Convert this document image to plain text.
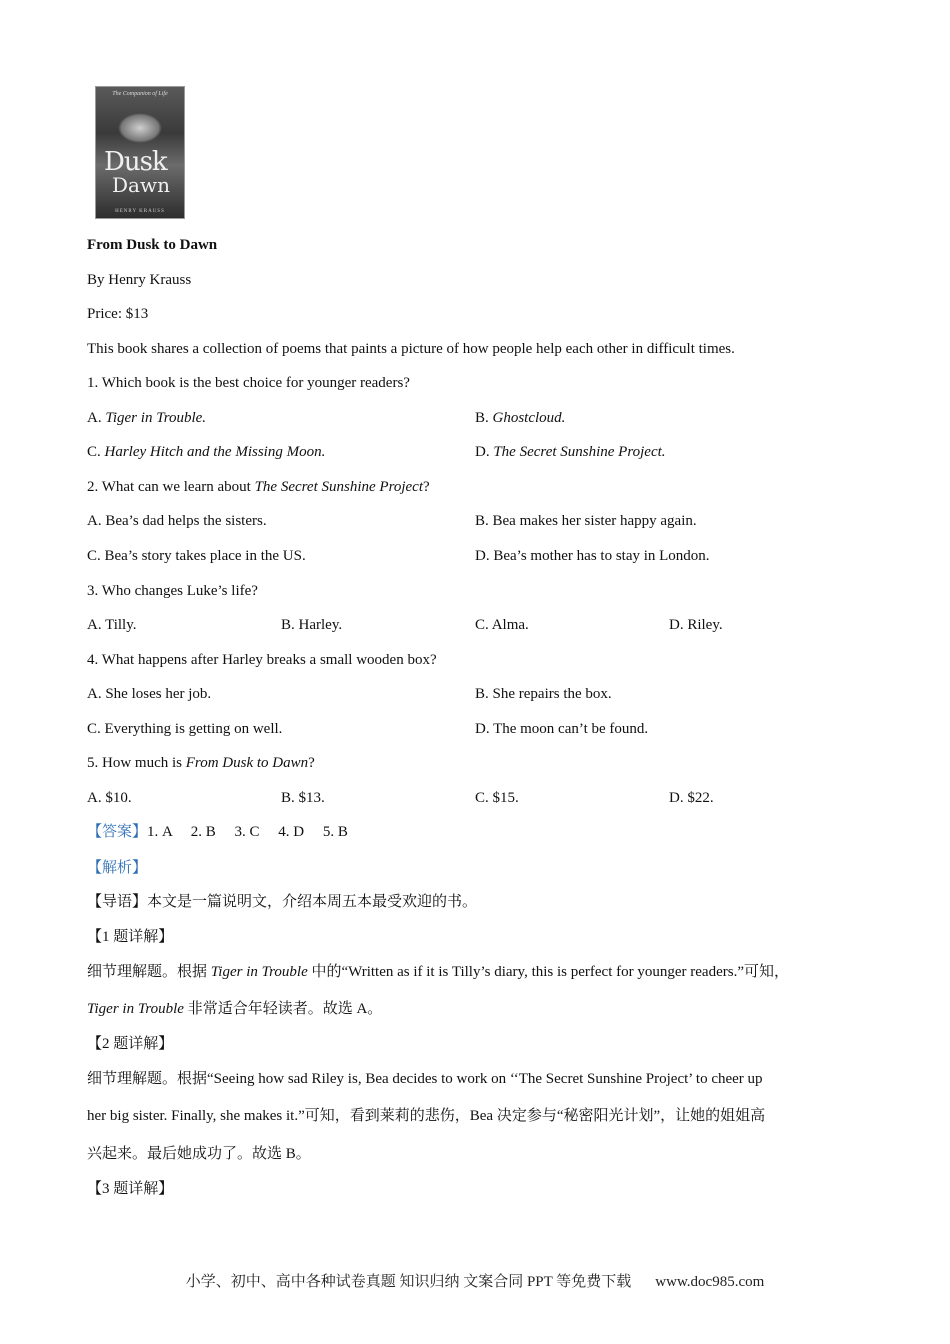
The Companion of Life
Dusk
Dawn
HENRY KRAUSS
From Dusk to Dawn
By Henry Krauss
Price: $13
This book shares a collection of poems that paints a picture of how people help each other in difficult times.
1. Which book is the best choice for younger readers?
A. Tiger in Trouble.	B. Ghostcloud.
C. Harley Hitch and the Missing Moon.	D. The Secret Sunshine Project.
2. What can we learn about The Secret Sunshine Project?
A. Bea’s dad helps the sisters.	B. Bea makes her sister happy again.
C. Bea’s story takes place in the US.	D. Bea’s mother has to stay in London.
3. Who changes Luke’s life?
A. Tilly.	B. Harley.	C. Alma.	D. Riley.
4. What happens after Harley breaks a small wooden box?
A. She loses her job.	B. She repairs the box.
C. Everything is getting on well.	D. The moon can’t be found.
5. How much is From Dusk to Dawn?
A. $10.	B. $13.	C. $15.	D. $22.
【答案】1. A　 2. B　 3. C　 4. D　 5. B
【解析】
【导语】本文是一篇说明文，介绍本周五本最受欢迎的书。
【1 题详解】
细节理解题。根据 Tiger in Trouble 中的“Written as if it is Tilly’s diary, this is perfect for younger readers.”可知，
Tiger in Trouble 非常适合年轻读者。故选 A。
【2 题详解】
细节理解题。根据“Seeing how sad Riley is, Bea decides to work on ‘‘The Secret Sunshine Project’ to cheer up
her big sister. Finally, she makes it.”可知，看到莱莉的悲伤，Bea 决定参与“秘密阳光计划”，让她的姐姐高
兴起来。最后她成功了。故选 B。
【3 题详解】
小学、初中、高中各种试卷真题 知识归纳 文案合同 PPT 等免费下载 www.doc985.com
